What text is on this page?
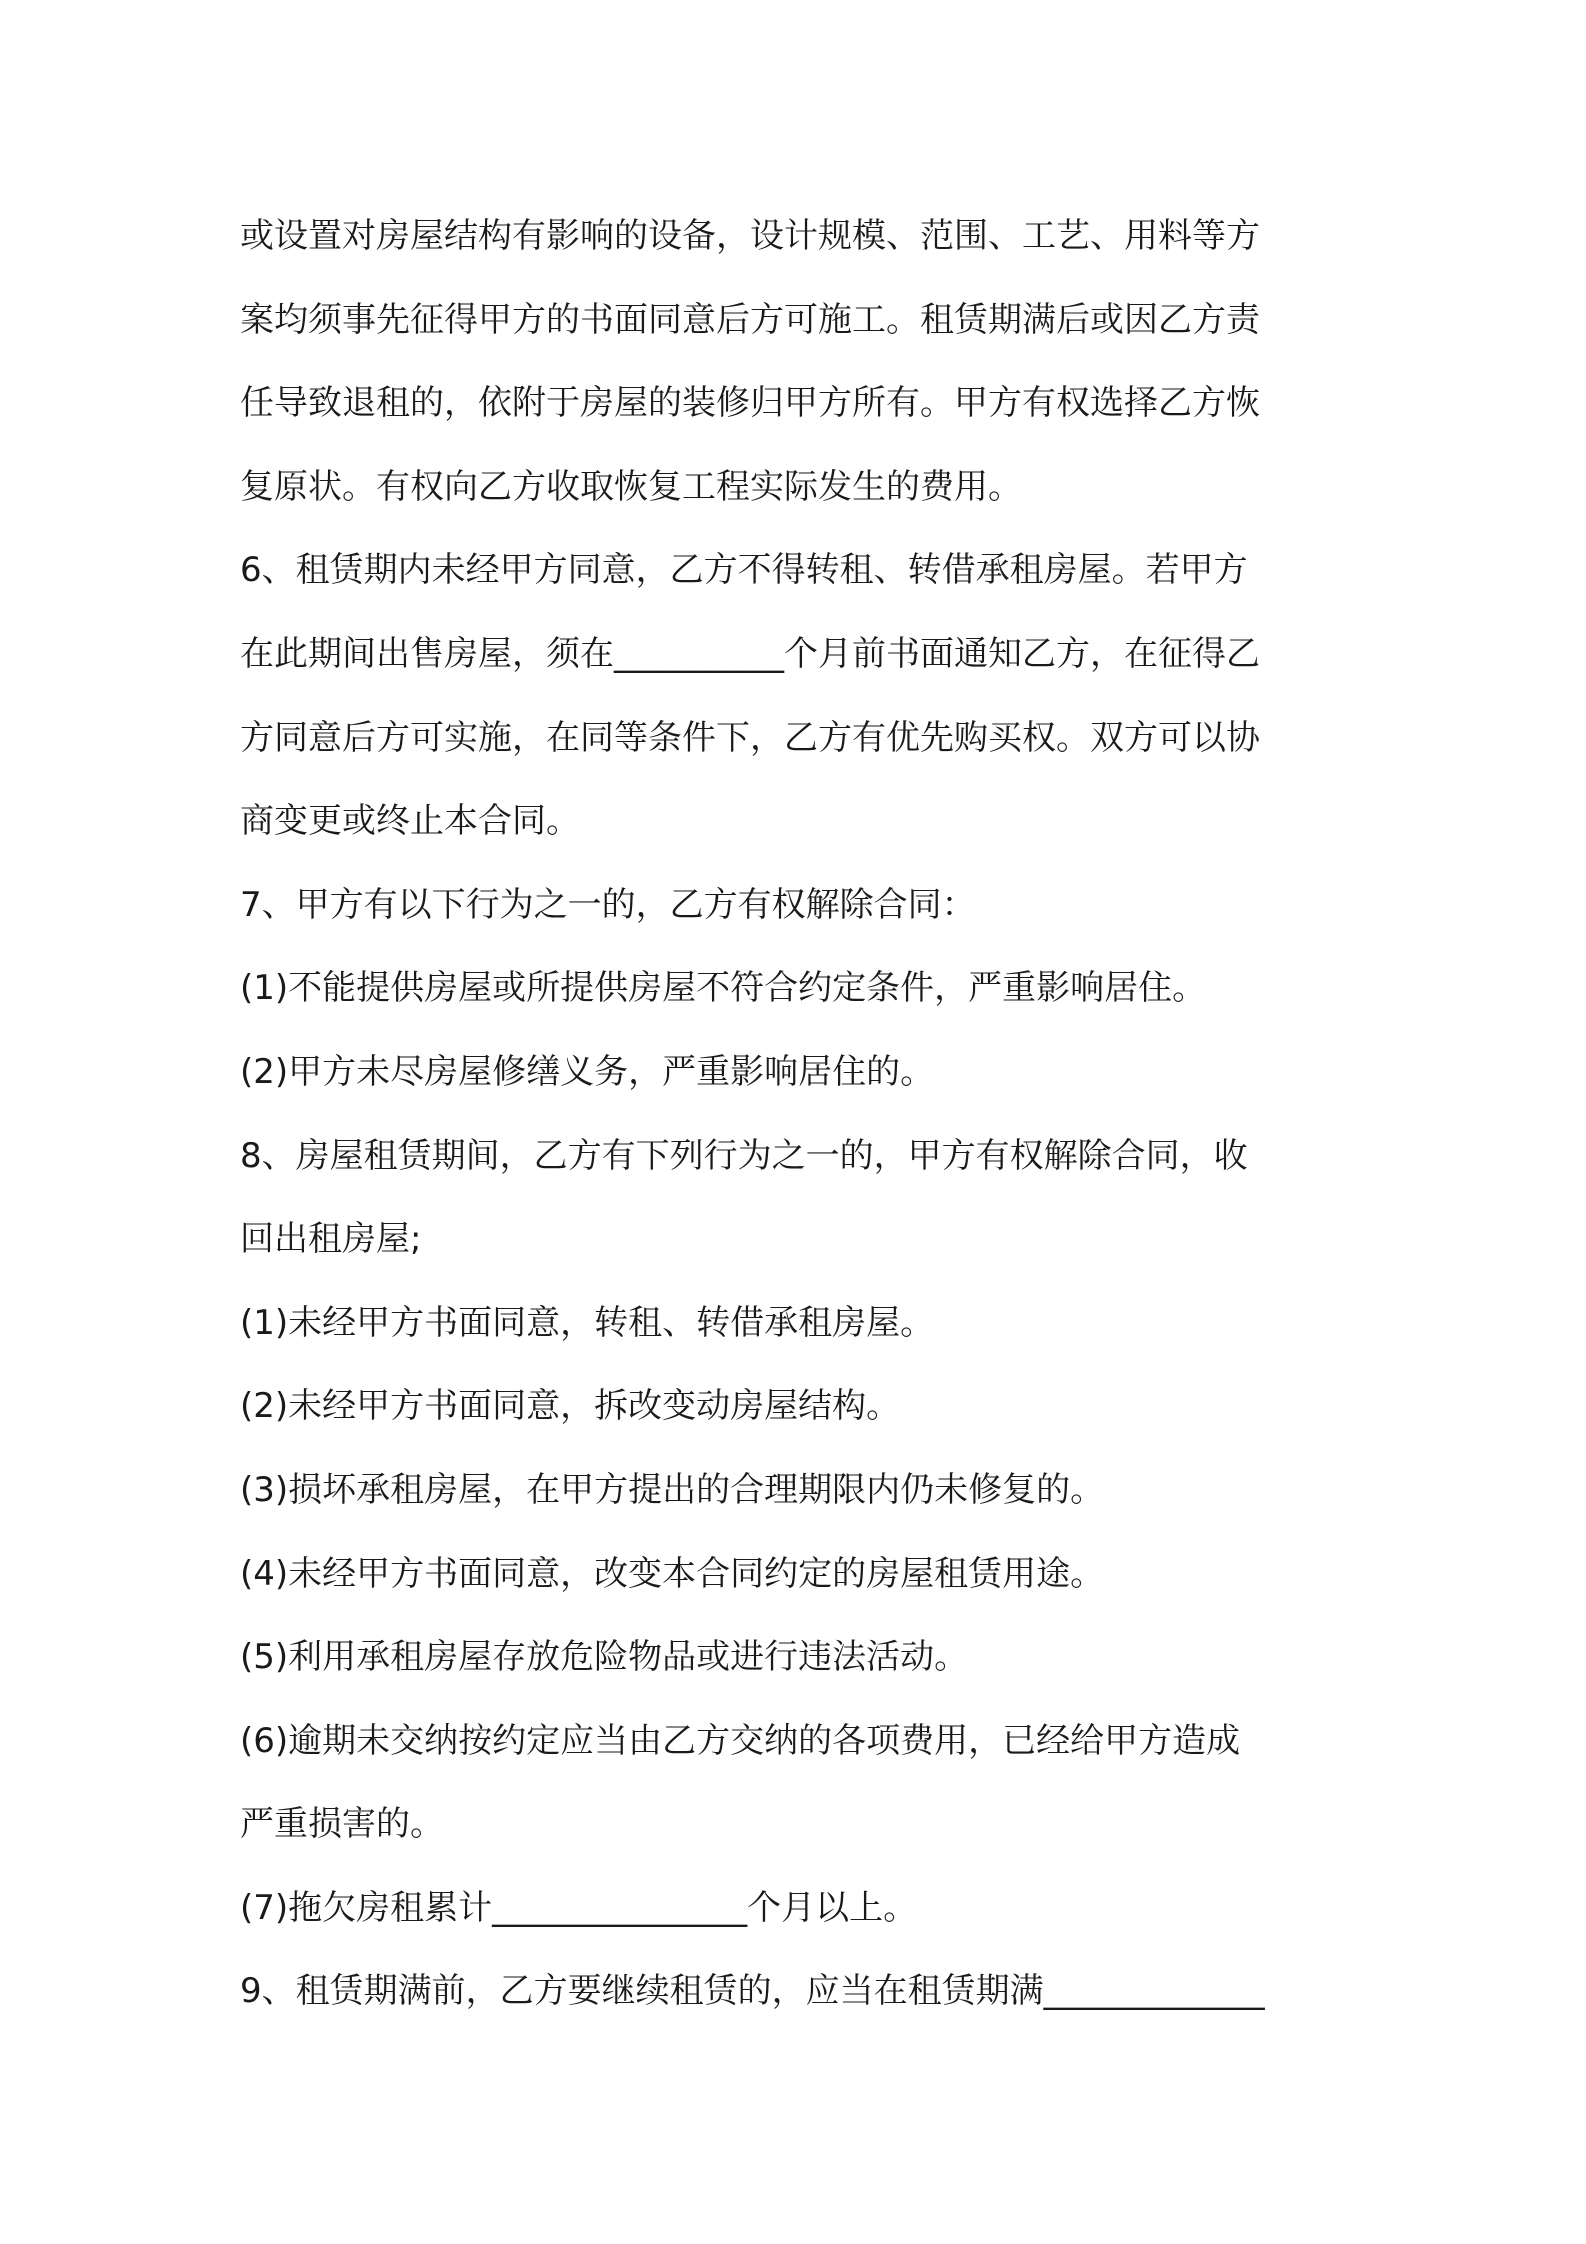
或设置对房屋结构有影响的设备，设计规模、范围、工艺、用料等方
案均须事先征得甲方的书面同意后方可施工。租赁期满后或因乙方责
任导致退租的，依附于房屋的装修归甲方所有。甲方有权选择乙方恢
复原状。有权向乙方收取恢复工程实际发生的费用。
6、租赁期内未经甲方同意，乙方不得转租、转借承租房屋。若甲方
在此期间出售房屋，须在__________个月前书面通知乙方，在征得乙
方同意后方可实施，在同等条件下，乙方有优先购买权。双方可以协
商变更或终止本合同。
7、甲方有以下行为之一的，乙方有权解除合同：
(1)不能提供房屋或所提供房屋不符合约定条件，严重影响居住。
(2)甲方未尽房屋修缮义务，严重影响居住的。
8、房屋租赁期间，乙方有下列行为之一的，甲方有权解除合同，收
回出租房屋;
(1)未经甲方书面同意，转租、转借承租房屋。
(2)未经甲方书面同意，拆改变动房屋结构。
(3)损坏承租房屋，在甲方提出的合理期限内仍未修复的。
(4)未经甲方书面同意，改变本合同约定的房屋租赁用途。
(5)利用承租房屋存放危险物品或进行违法活动。
(6)逾期未交纳按约定应当由乙方交纳的各项费用，已经给甲方造成
严重损害的。
(7)拖欠房租累计_______________个月以上。
9、租赁期满前，乙方要继续租赁的，应当在租赁期满_____________
